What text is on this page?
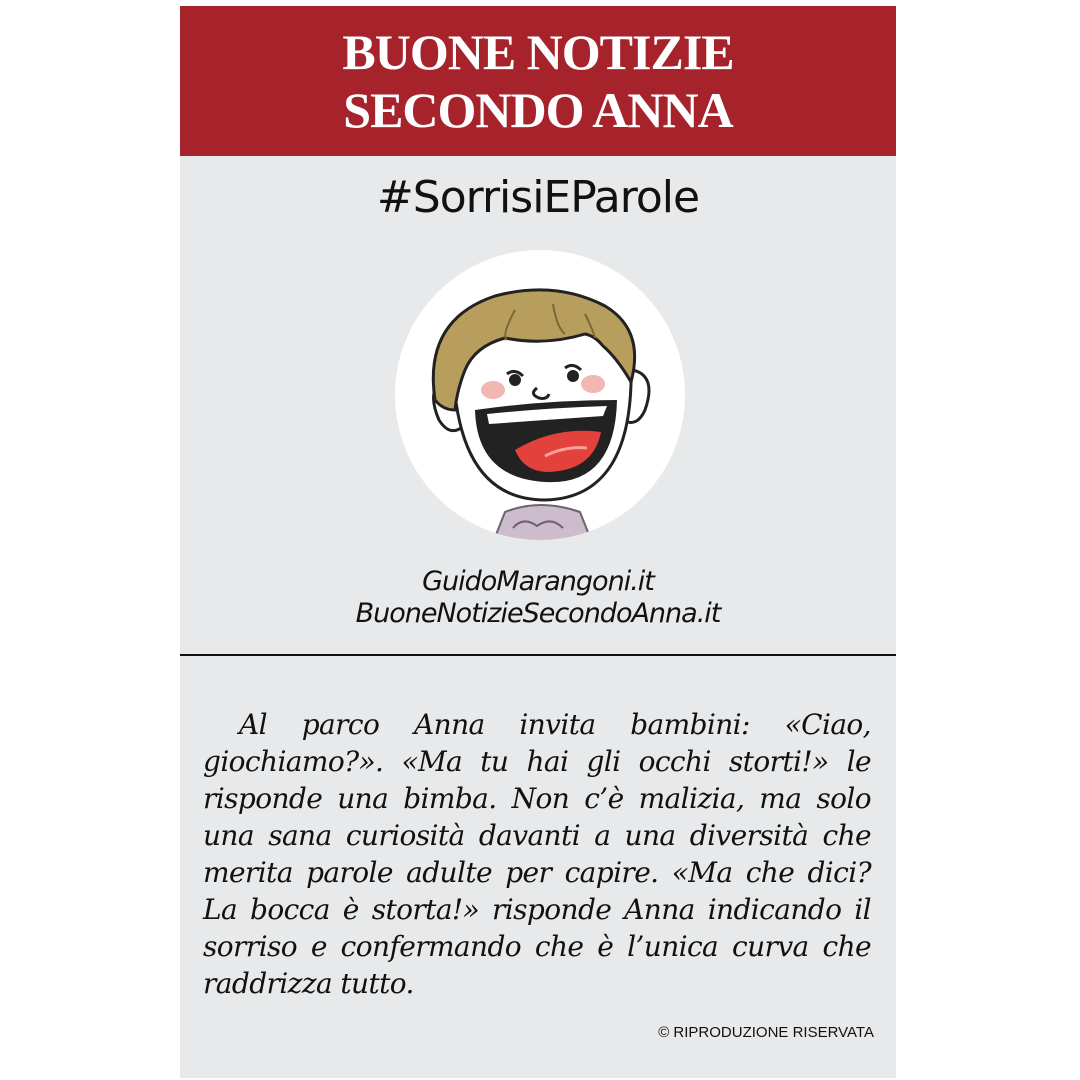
BUONE NOTIZIE
SECONDO ANNA
#SorrisiEParole
GuidoMarangoni.it
BuoneNotizieSecondoAnna.it
Al parco Anna invita bambini: «Ciao, giochiamo?». «Ma tu hai gli occhi storti!» le risponde una bimba. Non c’è malizia, ma solo una sana curiosità davanti a una diversità che merita parole adulte per capire. «Ma che dici? La bocca è storta!» risponde Anna indicando il sorriso e confermando che è l’unica curva che raddrizza tutto.
© RIPRODUZIONE RISERVATA
